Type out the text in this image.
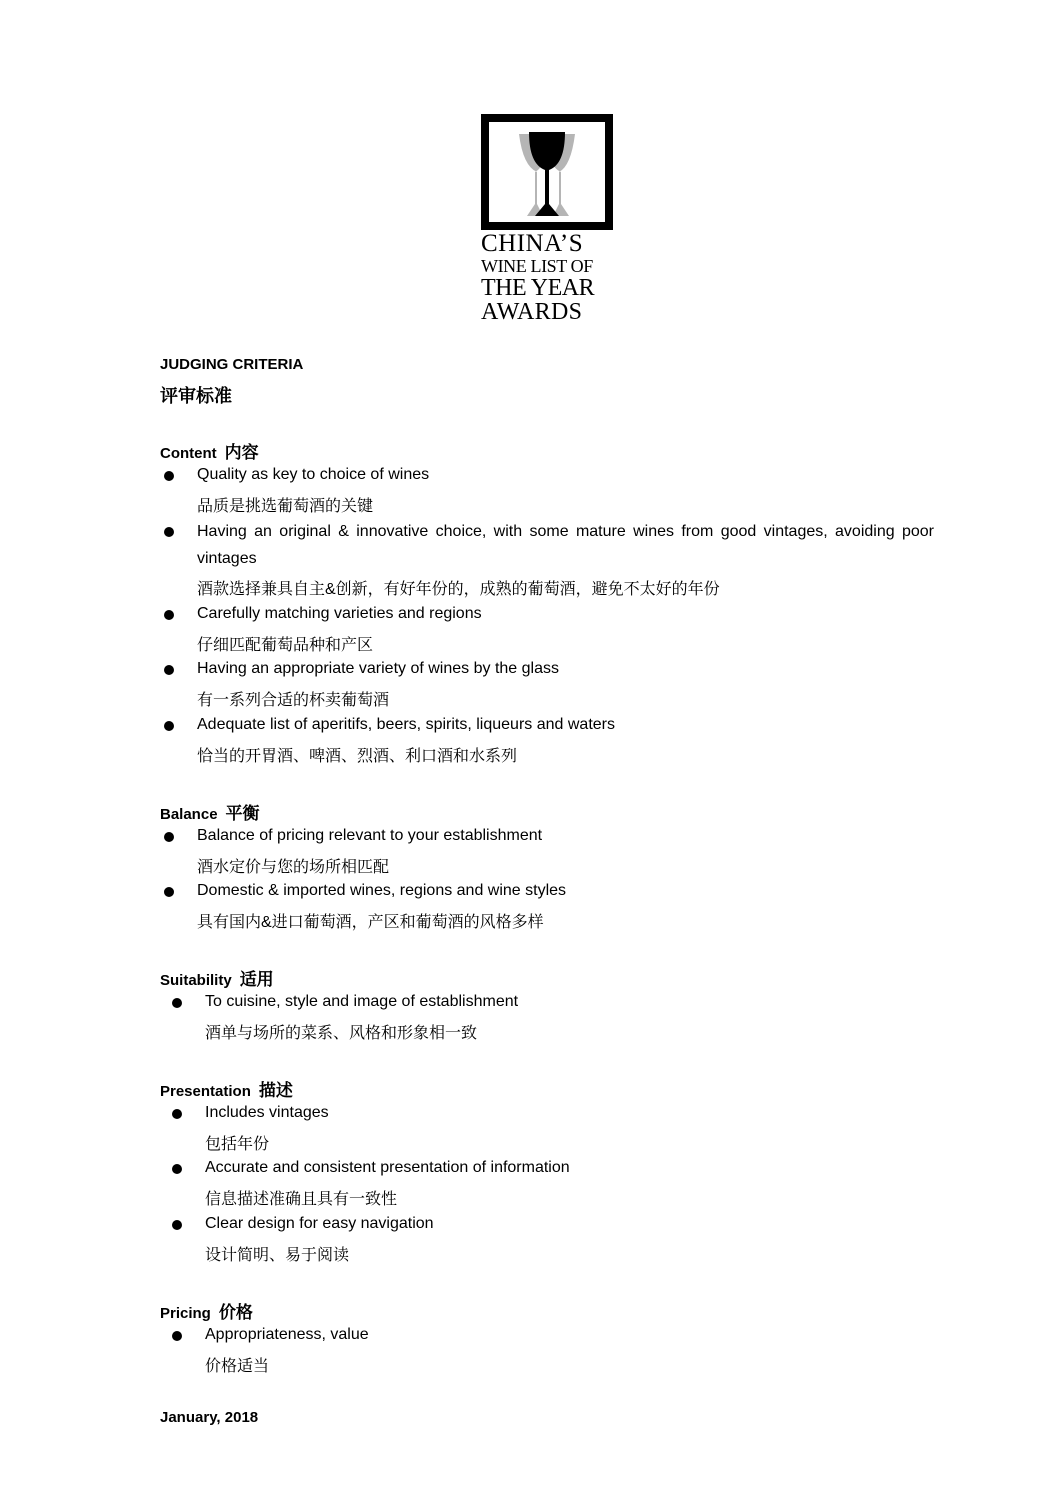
CHINA’S
WINE LIST OF
THE YEAR
AWARDS
JUDGING CRITERIA
评审标准
Content 内容
Quality as key to choice of wines
品质是挑选葡萄酒的关键
Having an original & innovative choice, with some mature wines from good vintages, avoiding poor vintages
酒款选择兼具自主&创新，有好年份的，成熟的葡萄酒，避免不太好的年份
Carefully matching varieties and regions
仔细匹配葡萄品种和产区
Having an appropriate variety of wines by the glass
有一系列合适的杯卖葡萄酒
Adequate list of aperitifs, beers, spirits, liqueurs and waters
恰当的开胃酒、啤酒、烈酒、利口酒和水系列
Balance 平衡
Balance of pricing relevant to your establishment
酒水定价与您的场所相匹配
Domestic & imported wines, regions and wine styles
具有国内&进口葡萄酒，产区和葡萄酒的风格多样
Suitability 适用
To cuisine, style and image of establishment
酒单与场所的菜系、风格和形象相一致
Presentation 描述
Includes vintages
包括年份
Accurate and consistent presentation of information
信息描述准确且具有一致性
Clear design for easy navigation
设计简明、易于阅读
Pricing 价格
Appropriateness, value
价格适当
January, 2018
